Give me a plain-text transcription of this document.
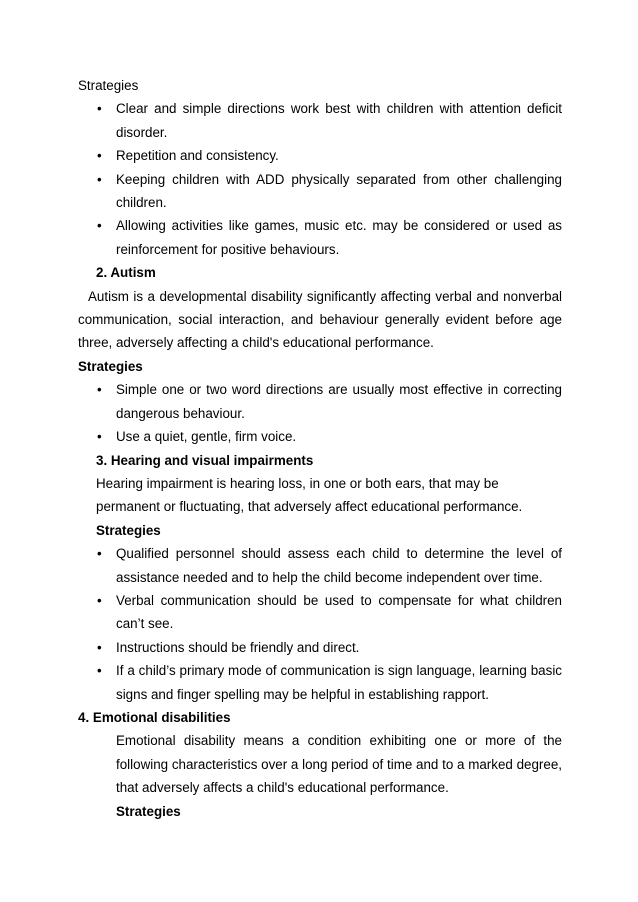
Strategies

• Clear and simple directions work best with children with attention deficit disorder.
• Repetition and consistency.
• Keeping children with ADD physically separated from other challenging children.
• Allowing activities like games, music etc. may be considered or used as reinforcement for positive behaviours.

2. Autism

Autism is a developmental disability significantly affecting verbal and nonverbal communication, social interaction, and behaviour generally evident before age three, adversely affecting a child's educational performance.

Strategies

• Simple one or two word directions are usually most effective in correcting dangerous behaviour.
• Use a quiet, gentle, firm voice.

3. Hearing and visual impairments

Hearing impairment is hearing loss, in one or both ears, that may be permanent or fluctuating, that adversely affect educational performance.

Strategies

• Qualified personnel should assess each child to determine the level of assistance needed and to help the child become independent over time.
• Verbal communication should be used to compensate for what children can’t see.
• Instructions should be friendly and direct.
• If a child’s primary mode of communication is sign language, learning basic signs and finger spelling may be helpful in establishing rapport.

4. Emotional disabilities

Emotional disability means a condition exhibiting one or more of the following characteristics over a long period of time and to a marked degree, that adversely affects a child's educational performance.

Strategies
